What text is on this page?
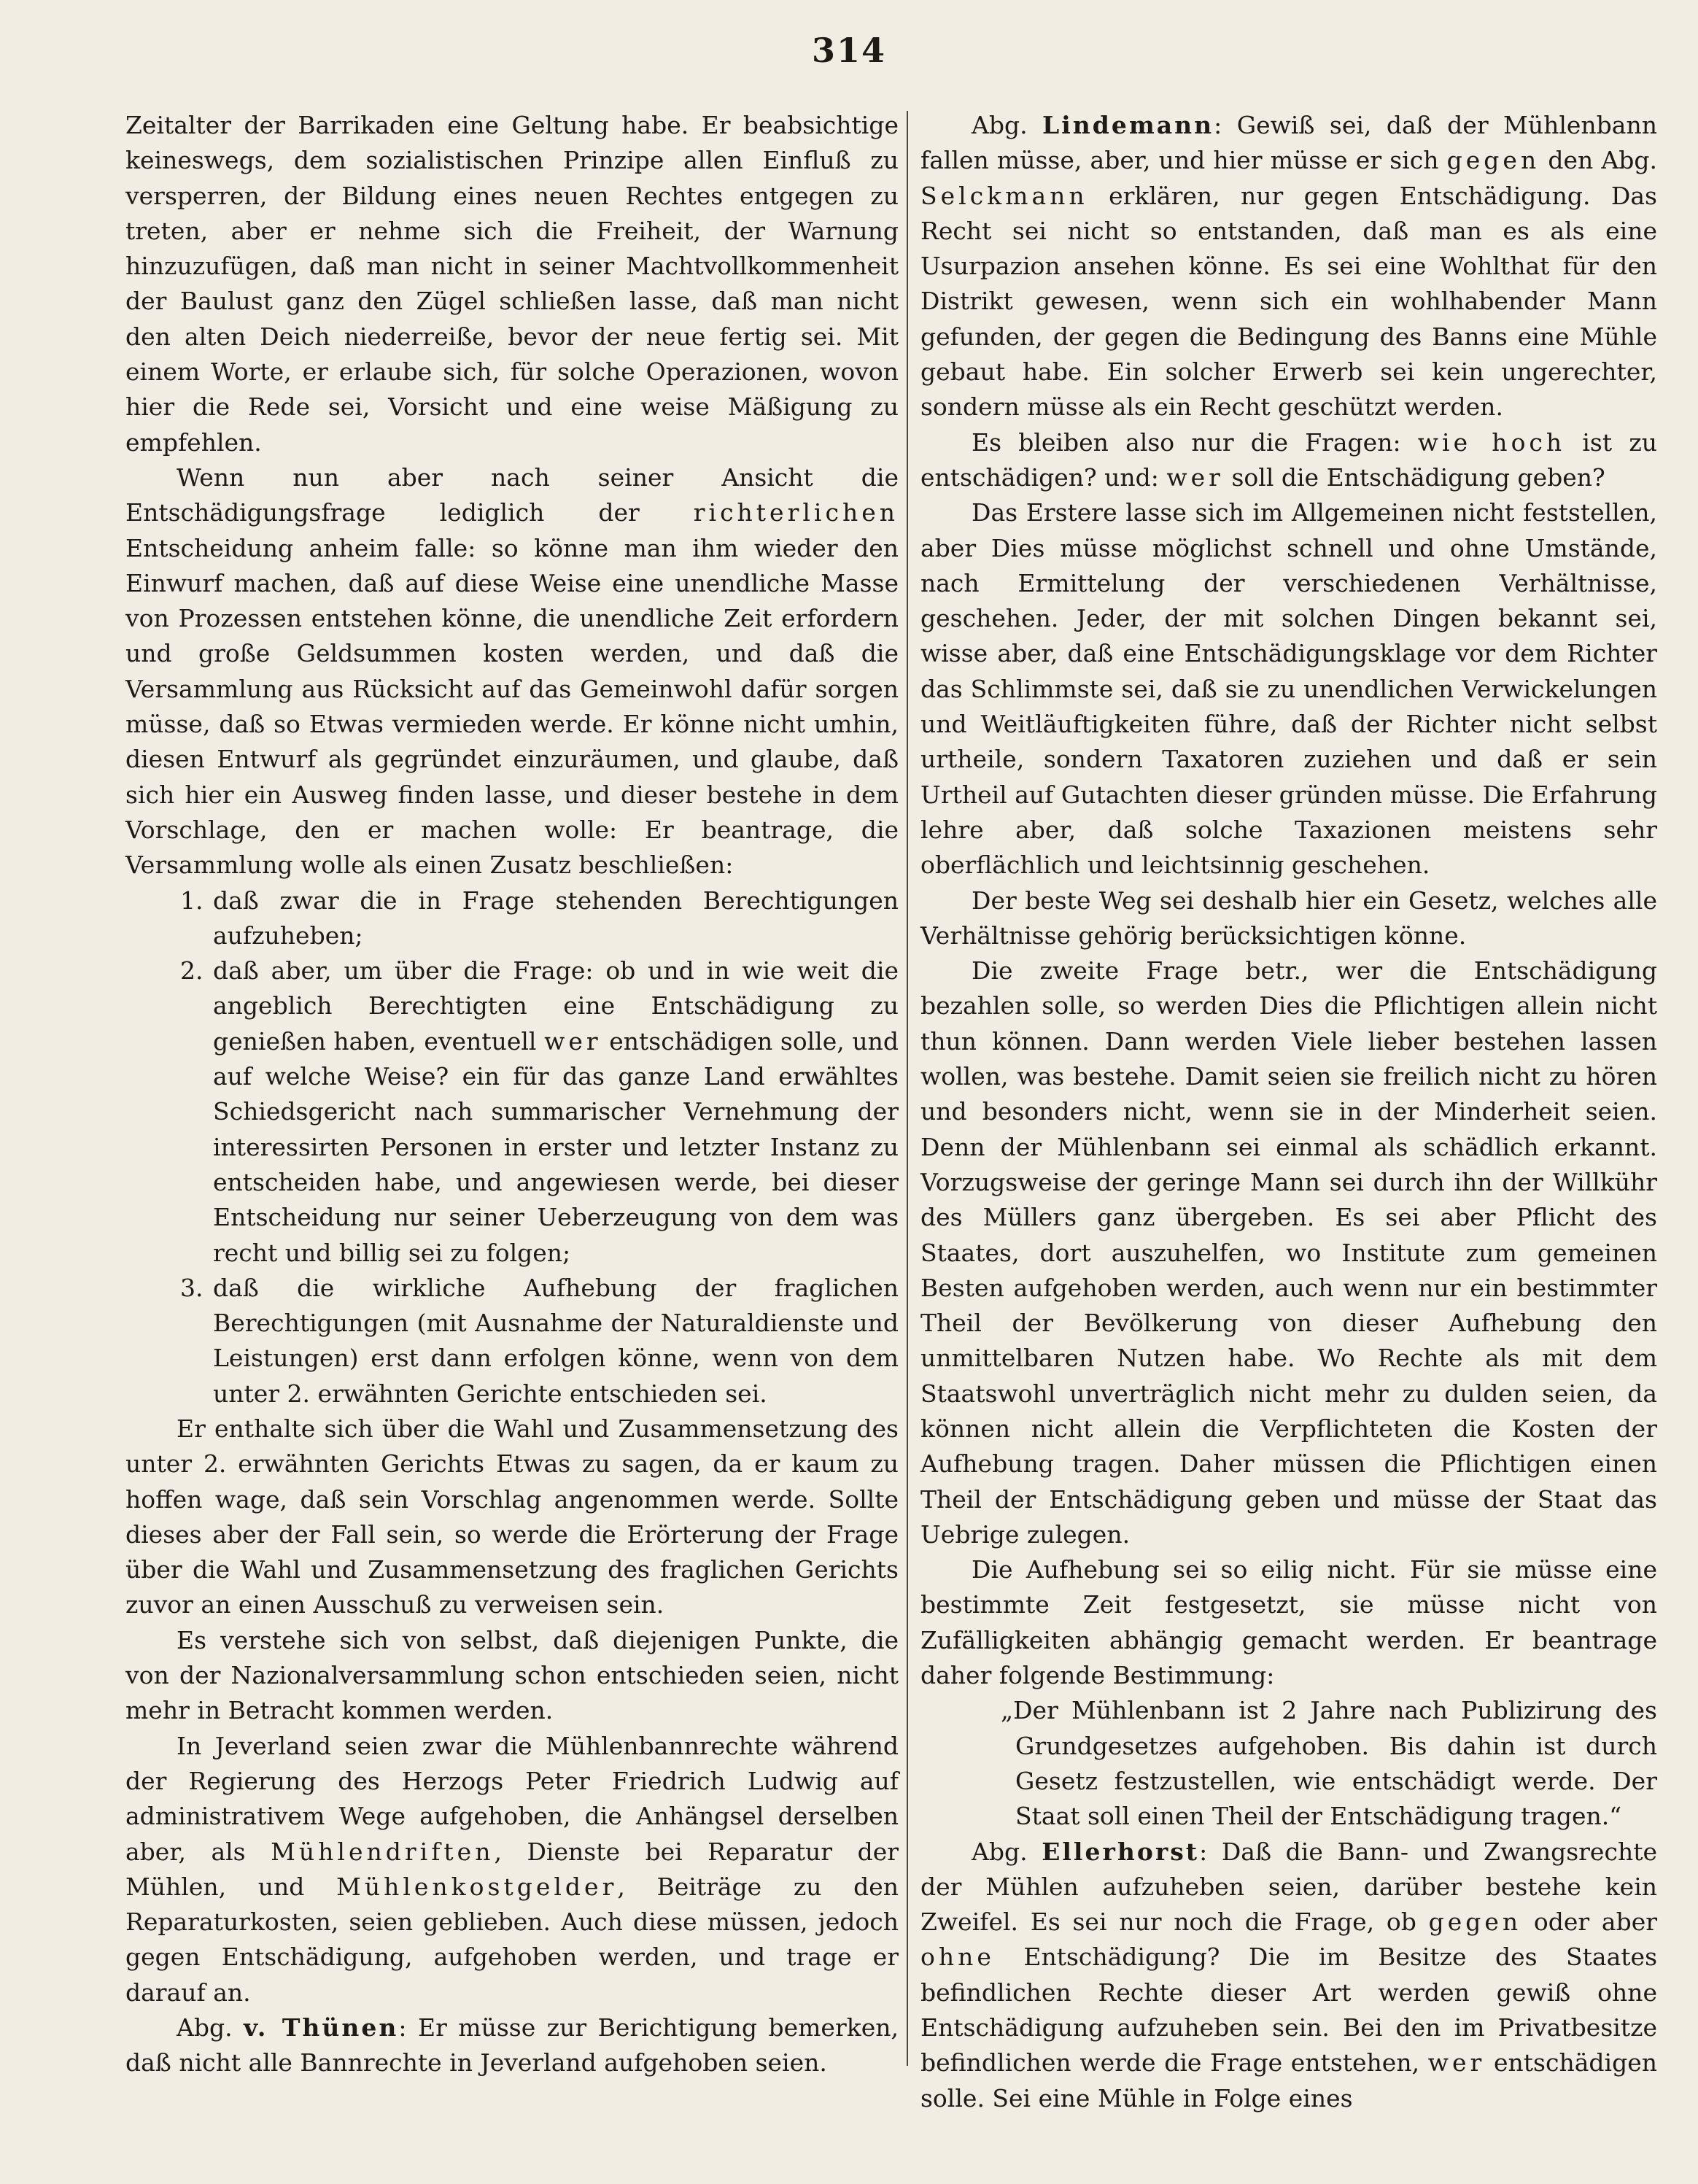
314

Zeitalter der Barrikaden eine Geltung habe. Er beabsichtige keineswegs, dem sozialistischen Prinzipe allen Einfluß zu versperren, der Bildung eines neuen Rechtes entgegen zu treten, aber er nehme sich die Freiheit, der Warnung hinzuzufügen, daß man nicht in seiner Machtvollkommenheit der Baulust ganz den Zügel schließen lasse, daß man nicht den alten Deich niederreiße, bevor der neue fertig sei. Mit einem Worte, er erlaube sich, für solche Operazionen, wovon hier die Rede sei, Vorsicht und eine weise Mäßigung zu empfehlen.

Wenn nun aber nach seiner Ansicht die Entschädigungsfrage lediglich der richterlichen Entscheidung anheim falle: so könne man ihm wieder den Einwurf machen, daß auf diese Weise eine unendliche Masse von Prozessen entstehen könne, die unendliche Zeit erfordern und große Geldsummen kosten werden, und daß die Versammlung aus Rücksicht auf das Gemeinwohl dafür sorgen müsse, daß so Etwas vermieden werde. Er könne nicht umhin, diesen Entwurf als gegründet einzuräumen, und glaube, daß sich hier ein Ausweg finden lasse, und dieser bestehe in dem Vorschlage, den er machen wolle: Er beantrage, die Versammlung wolle als einen Zusatz beschließen:

1. daß zwar die in Frage stehenden Berechtigungen aufzuheben;
2. daß aber, um über die Frage: ob und in wie weit die angeblich Berechtigten eine Entschädigung zu genießen haben, eventuell wer entschädigen solle, und auf welche Weise? ein für das ganze Land erwähltes Schiedsgericht nach summarischer Vernehmung der interessirten Personen in erster und letzter Instanz zu entscheiden habe, und angewiesen werde, bei dieser Entscheidung nur seiner Ueberzeugung von dem was recht und billig sei zu folgen;
3. daß die wirkliche Aufhebung der fraglichen Berechtigungen (mit Ausnahme der Naturaldienste und Leistungen) erst dann erfolgen könne, wenn von dem unter 2. erwähnten Gerichte entschieden sei.

Er enthalte sich über die Wahl und Zusammensetzung des unter 2. erwähnten Gerichts Etwas zu sagen, da er kaum zu hoffen wage, daß sein Vorschlag angenommen werde. Sollte dieses aber der Fall sein, so werde die Erörterung der Frage über die Wahl und Zusammensetzung des fraglichen Gerichts zuvor an einen Ausschuß zu verweisen sein.

Es verstehe sich von selbst, daß diejenigen Punkte, die von der Nazionalversammlung schon entschieden seien, nicht mehr in Betracht kommen werden.

In Jeverland seien zwar die Mühlenbannrechte während der Regierung des Herzogs Peter Friedrich Ludwig auf administrativem Wege aufgehoben, die Anhängsel derselben aber, als Mühlendriften, Dienste bei Reparatur der Mühlen, und Mühlenkostgelder, Beiträge zu den Reparaturkosten, seien geblieben. Auch diese müssen, jedoch gegen Entschädigung, aufgehoben werden, und trage er darauf an.

Abg. v. Thünen: Er müsse zur Berichtigung bemerken, daß nicht alle Bannrechte in Jeverland aufgehoben seien.

Abg. Lindemann: Gewiß sei, daß der Mühlenbann fallen müsse, aber, und hier müsse er sich gegen den Abg. Selckmann erklären, nur gegen Entschädigung. Das Recht sei nicht so entstanden, daß man es als eine Usurpazion ansehen könne. Es sei eine Wohlthat für den Distrikt gewesen, wenn sich ein wohlhabender Mann gefunden, der gegen die Bedingung des Banns eine Mühle gebaut habe. Ein solcher Erwerb sei kein ungerechter, sondern müsse als ein Recht geschützt werden.

Es bleiben also nur die Fragen: wie hoch ist zu entschädigen? und: wer soll die Entschädigung geben?

Das Erstere lasse sich im Allgemeinen nicht feststellen, aber Dies müsse möglichst schnell und ohne Umstände, nach Ermittelung der verschiedenen Verhältnisse, geschehen. Jeder, der mit solchen Dingen bekannt sei, wisse aber, daß eine Entschädigungsklage vor dem Richter das Schlimmste sei, daß sie zu unendlichen Verwickelungen und Weitläuftigkeiten führe, daß der Richter nicht selbst urtheile, sondern Taxatoren zuziehen und daß er sein Urtheil auf Gutachten dieser gründen müsse. Die Erfahrung lehre aber, daß solche Taxazionen meistens sehr oberflächlich und leichtsinnig geschehen.

Der beste Weg sei deshalb hier ein Gesetz, welches alle Verhältnisse gehörig berücksichtigen könne.

Die zweite Frage betr., wer die Entschädigung bezahlen solle, so werden Dies die Pflichtigen allein nicht thun können. Dann werden Viele lieber bestehen lassen wollen, was bestehe. Damit seien sie freilich nicht zu hören und besonders nicht, wenn sie in der Minderheit seien. Denn der Mühlenbann sei einmal als schädlich erkannt. Vorzugsweise der geringe Mann sei durch ihn der Willkühr des Müllers ganz übergeben. Es sei aber Pflicht des Staates, dort auszuhelfen, wo Institute zum gemeinen Besten aufgehoben werden, auch wenn nur ein bestimmter Theil der Bevölkerung von dieser Aufhebung den unmittelbaren Nutzen habe. Wo Rechte als mit dem Staatswohl unverträglich nicht mehr zu dulden seien, da können nicht allein die Verpflichteten die Kosten der Aufhebung tragen. Daher müssen die Pflichtigen einen Theil der Entschädigung geben und müsse der Staat das Uebrige zulegen.

Die Aufhebung sei so eilig nicht. Für sie müsse eine bestimmte Zeit festgesetzt, sie müsse nicht von Zufälligkeiten abhängig gemacht werden. Er beantrage daher folgende Bestimmung:

„Der Mühlenbann ist 2 Jahre nach Publizirung des Grundgesetzes aufgehoben. Bis dahin ist durch Gesetz festzustellen, wie entschädigt werde. Der Staat soll einen Theil der Entschädigung tragen.“

Abg. Ellerhorst: Daß die Bann- und Zwangsrechte der Mühlen aufzuheben seien, darüber bestehe kein Zweifel. Es sei nur noch die Frage, ob gegen oder aber ohne Entschädigung? Die im Besitze des Staates befindlichen Rechte dieser Art werden gewiß ohne Entschädigung aufzuheben sein. Bei den im Privatbesitze befindlichen werde die Frage entstehen, wer entschädigen solle. Sei eine Mühle in Folge eines
